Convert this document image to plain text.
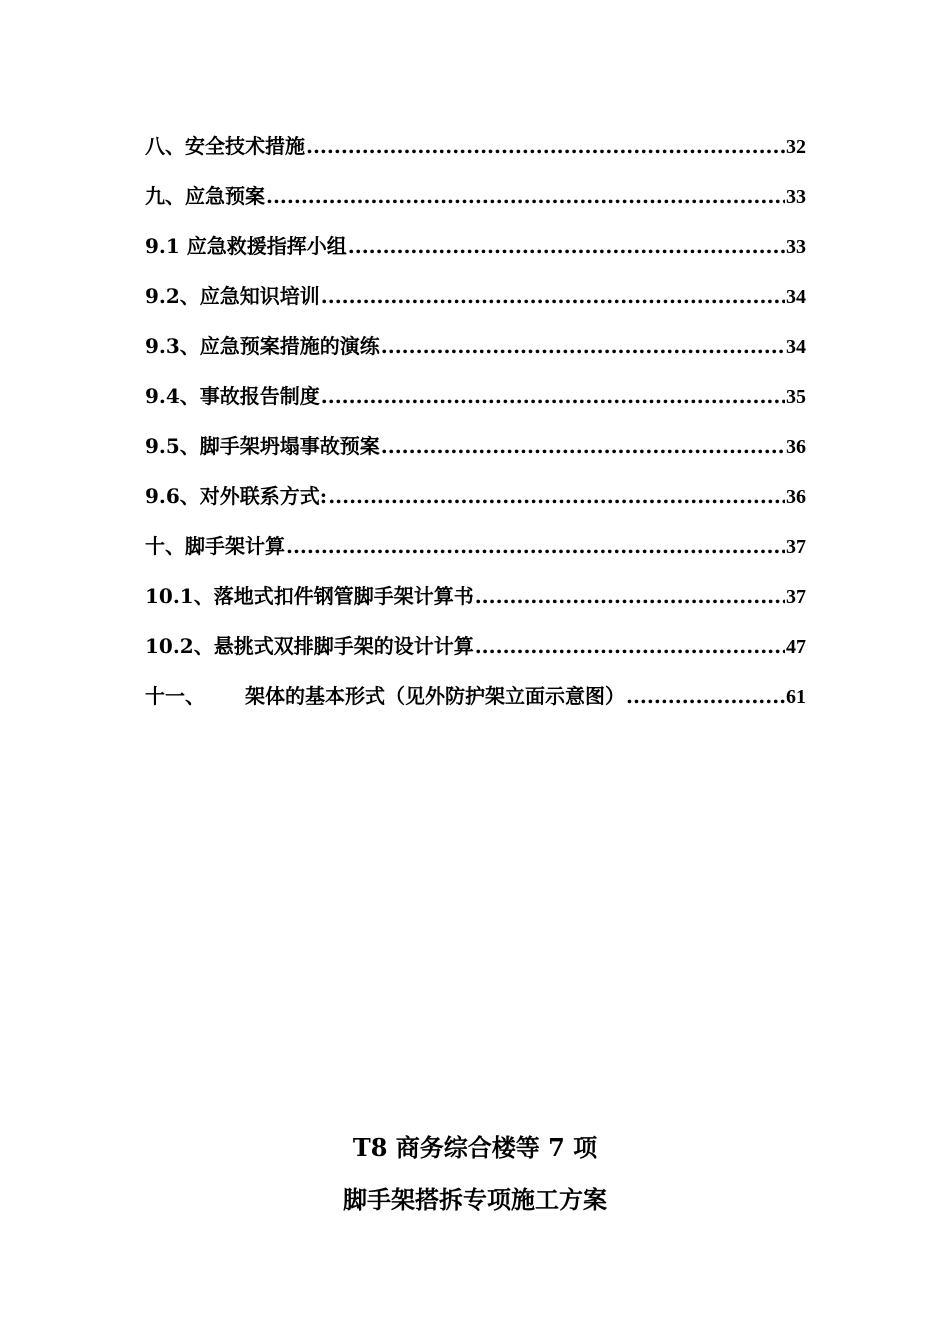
八、安全技术措施 .....	32
九、应急预案 .....	33
9.1 应急救援指挥小组 .....	33
9.2、应急知识培训 .....	34
9.3、应急预案措施的演练 .....	34
9.4、事故报告制度 .....	35
9.5、脚手架坍塌事故预案 .....	36
9.6、对外联系方式: .....	36
十、脚手架计算 .....	37
10.1、落地式扣件钢管脚手架计算书 .....	37
10.2、悬挑式双排脚手架的设计计算 .....	47
十一、 架体的基本形式（见外防护架立面示意图） .....	61
T8 商务综合楼等 7 项
脚手架搭拆专项施工方案
